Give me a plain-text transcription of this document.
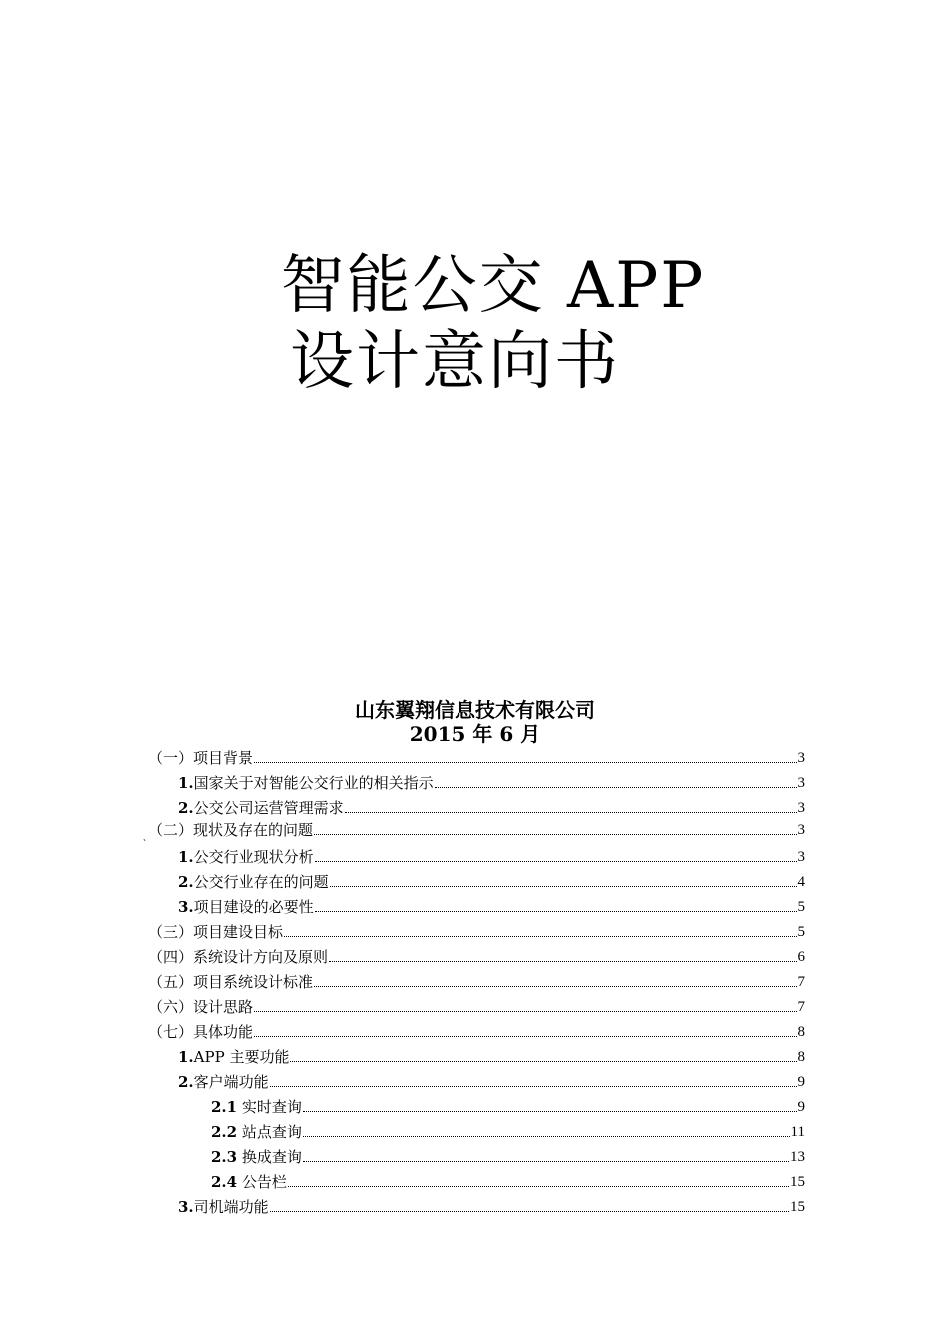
智能公交 APP
设计意向书
山东翼翔信息技术有限公司
2015 年 6 月
、
（一）项目背景	3
1.国家关于对智能公交行业的相关指示	3
2.公交公司运营管理需求	3
（二）现状及存在的问题	3
1.公交行业现状分析	3
2.公交行业存在的问题	4
3.项目建设的必要性	5
（三）项目建设目标	5
（四）系统设计方向及原则	6
（五）项目系统设计标准	7
（六）设计思路	7
（七）具体功能	8
1.APP 主要功能	8
2.客户端功能	9
2.1 实时查询	9
2.2 站点查询	11
2.3 换成查询	13
2.4 公告栏	15
3.司机端功能	15
